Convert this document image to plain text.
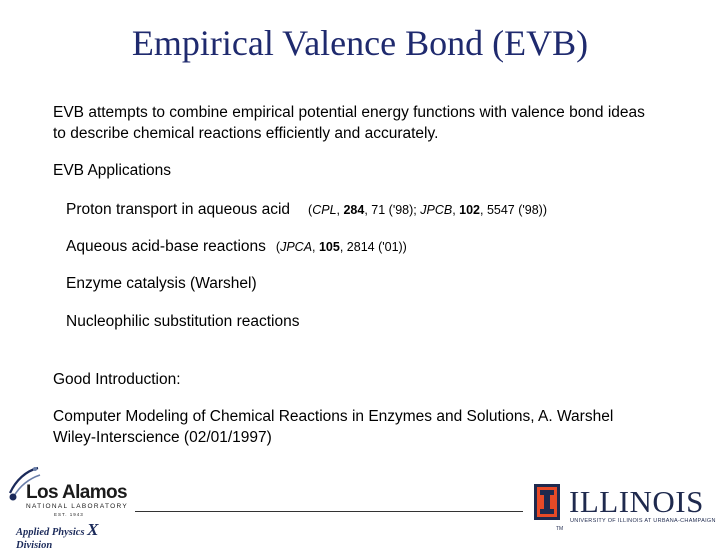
Empirical Valence Bond (EVB)
EVB attempts to combine empirical potential energy functions with valence bond ideas
to describe chemical reactions efficiently and accurately.
EVB Applications
Proton transport in aqueous acid (CPL, 284, 71 ('98); JPCB, 102, 5547 ('98))
Aqueous acid-base reactions (JPCA, 105, 2814 ('01))
Enzyme catalysis (Warshel)
Nucleophilic substitution reactions
Good Introduction:
Computer Modeling of Chemical Reactions in Enzymes and Solutions, A. Warshel
Wiley-Interscience (02/01/1997)
Los Alamos
NATIONAL LABORATORY
EST. 1943
Applied Physics X Division
TM
ILLINOIS
UNIVERSITY OF ILLINOIS AT URBANA-CHAMPAIGN
